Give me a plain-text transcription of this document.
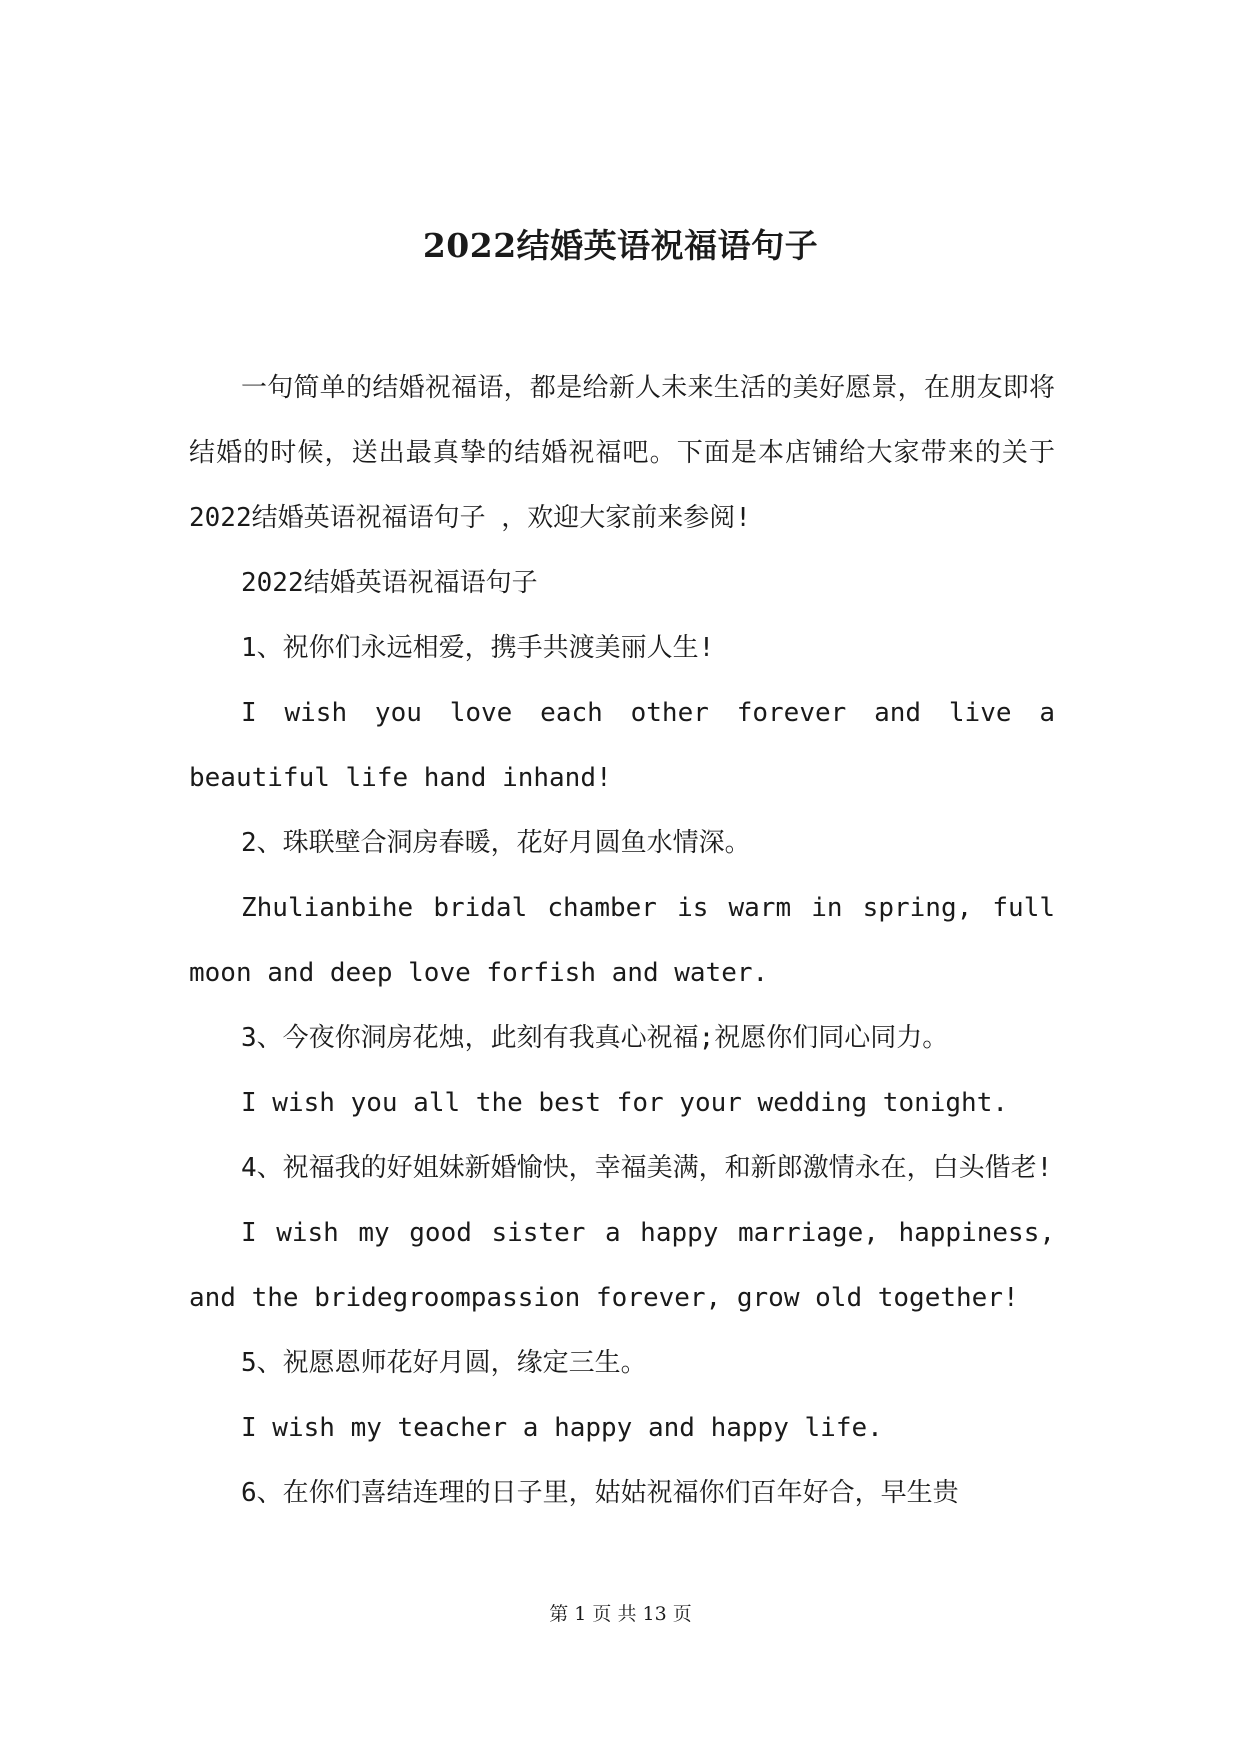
2022结婚英语祝福语句子

一句简单的结婚祝福语，都是给新人未来生活的美好愿景，在朋友即将结婚的时候，送出最真挚的结婚祝福吧。下面是本店铺给大家带来的关于2022结婚英语祝福语句子 ，欢迎大家前来参阅!

2022结婚英语祝福语句子

1、祝你们永远相爱，携手共渡美丽人生!

I wish you love each other forever and live a beautiful life hand inhand!

2、珠联壁合洞房春暖，花好月圆鱼水情深。

Zhulianbihe bridal chamber is warm in spring, full moon and deep love forfish and water.

3、今夜你洞房花烛，此刻有我真心祝福;祝愿你们同心同力。

I wish you all the best for your wedding tonight.

4、祝福我的好姐妹新婚愉快，幸福美满，和新郎激情永在，白头偕老!

I wish my good sister a happy marriage, happiness, and the bridegroompassion forever, grow old together!

5、祝愿恩师花好月圆，缘定三生。

I wish my teacher a happy and happy life.

6、在你们喜结连理的日子里，姑姑祝福你们百年好合，早生贵

第 1 页 共 13 页
